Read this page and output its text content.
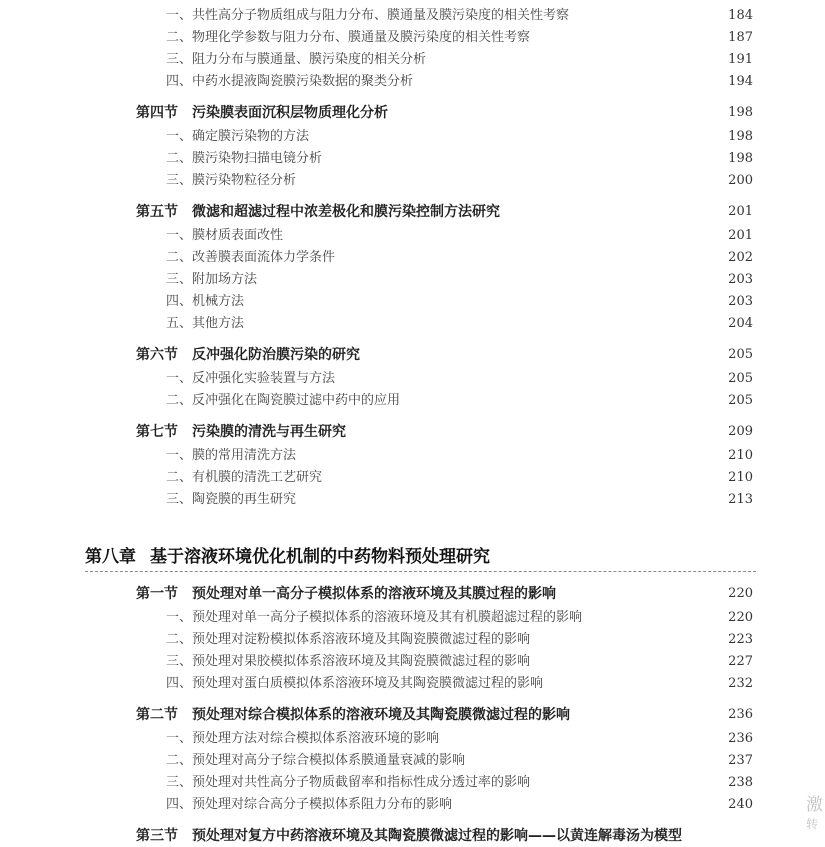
一、共性高分子物质组成与阻力分布、膜通量及膜污染度的相关性考察	184
二、物理化学参数与阻力分布、膜通量及膜污染度的相关性考察	187
三、阻力分布与膜通量、膜污染度的相关分析	191
四、中药水提液陶瓷膜污染数据的聚类分析	194
第四节 污染膜表面沉积层物质理化分析	198
一、确定膜污染物的方法	198
二、膜污染物扫描电镜分析	198
三、膜污染物粒径分析	200
第五节 微滤和超滤过程中浓差极化和膜污染控制方法研究	201
一、膜材质表面改性	201
二、改善膜表面流体力学条件	202
三、附加场方法	203
四、机械方法	203
五、其他方法	204
第六节 反冲强化防治膜污染的研究	205
一、反冲强化实验装置与方法	205
二、反冲强化在陶瓷膜过滤中药中的应用	205
第七节 污染膜的清洗与再生研究	209
一、膜的常用清洗方法	210
二、有机膜的清洗工艺研究	210
三、陶瓷膜的再生研究	213
第八章 基于溶液环境优化机制的中药物料预处理研究
第一节 预处理对单一高分子模拟体系的溶液环境及其膜过程的影响	220
一、预处理对单一高分子模拟体系的溶液环境及其有机膜超滤过程的影响	220
二、预处理对淀粉模拟体系溶液环境及其陶瓷膜微滤过程的影响	223
三、预处理对果胶模拟体系溶液环境及其陶瓷膜微滤过程的影响	227
四、预处理对蛋白质模拟体系溶液环境及其陶瓷膜微滤过程的影响	232
第二节 预处理对综合模拟体系的溶液环境及其陶瓷膜微滤过程的影响	236
一、预处理方法对综合模拟体系溶液环境的影响	236
二、预处理对高分子综合模拟体系膜通量衰减的影响	237
三、预处理对共性高分子物质截留率和指标性成分透过率的影响	238
四、预处理对综合高分子模拟体系阻力分布的影响	240
第三节 预处理对复方中药溶液环境及其陶瓷膜微滤过程的影响——以黄连解毒汤为模型
激
转
